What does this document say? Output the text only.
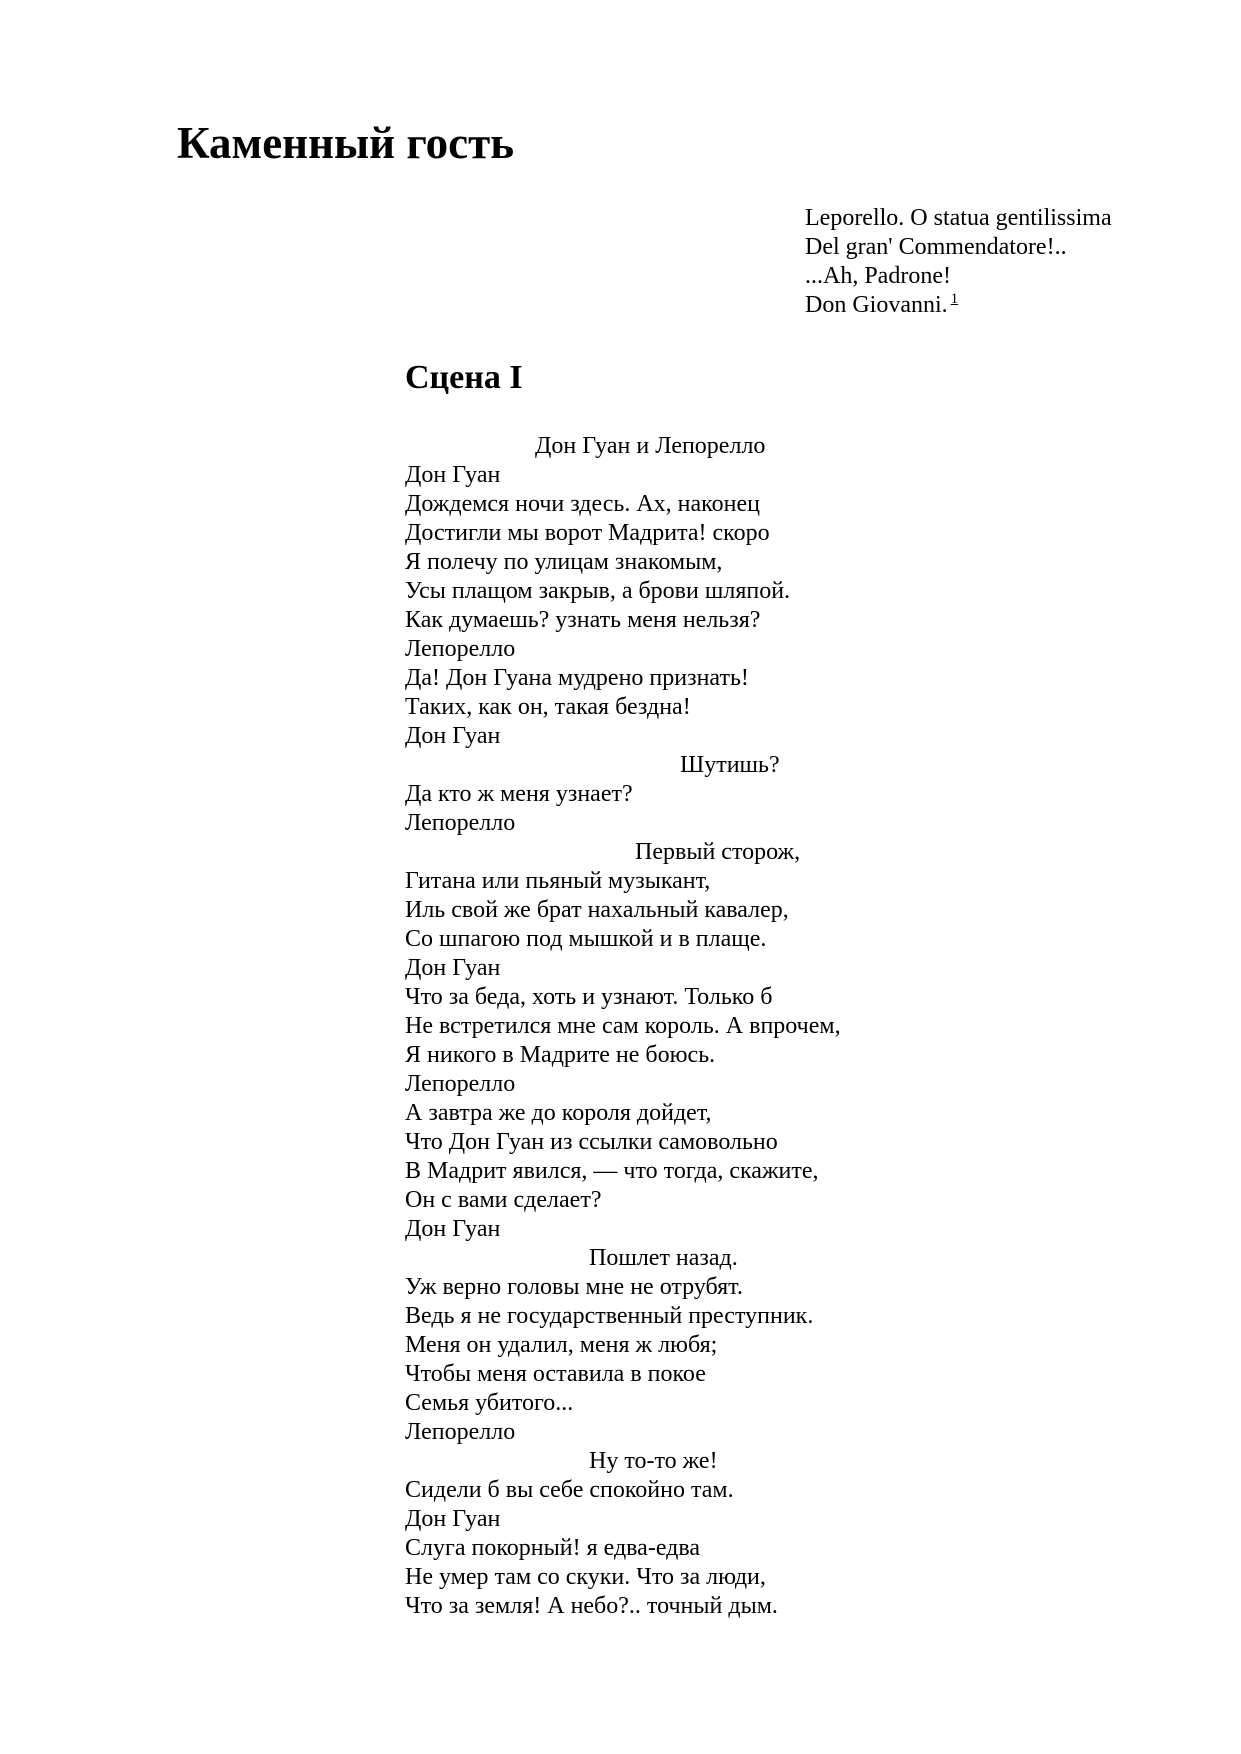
Каменный гость
Leporello. O statua gentilissima
Del gran' Commendatore!..
...Ah, Padrone!
Don Giovanni. $^1$
Сцена I
Дон Гуан и Лепорелло
Дон Гуан
Дождемся ночи здесь. Ах, наконец
Достигли мы ворот Мадрита! скоро
Я полечу по улицам знакомым,
Усы плащом закрыв, а брови шляпой.
Как думаешь? узнать меня нельзя?
Лепорелло
Да! Дон Гуана мудрено признать!
Таких, как он, такая бездна!
Дон Гуан
Шутишь?
Да кто ж меня узнает?
Лепорелло
Первый сторож,
Гитана или пьяный музыкант,
Иль свой же брат нахальный кавалер,
Со шпагою под мышкой и в плаще.
Дон Гуан
Что за беда, хоть и узнают. Только б
Не встретился мне сам король. А впрочем,
Я никого в Мадрите не боюсь.
Лепорелло
А завтра же до короля дойдет,
Что Дон Гуан из ссылки самовольно
В Мадрит явился, — что тогда, скажите,
Он с вами сделает?
Дон Гуан
Пошлет назад.
Уж верно головы мне не отрубят.
Ведь я не государственный преступник.
Меня он удалил, меня ж любя;
Чтобы меня оставила в покое
Семья убитого...
Лепорелло
Ну то-то же!
Сидели б вы себе спокойно там.
Дон Гуан
Слуга покорный! я едва-едва
Не умер там со скуки. Что за люди,
Что за земля! А небо?.. точный дым.
